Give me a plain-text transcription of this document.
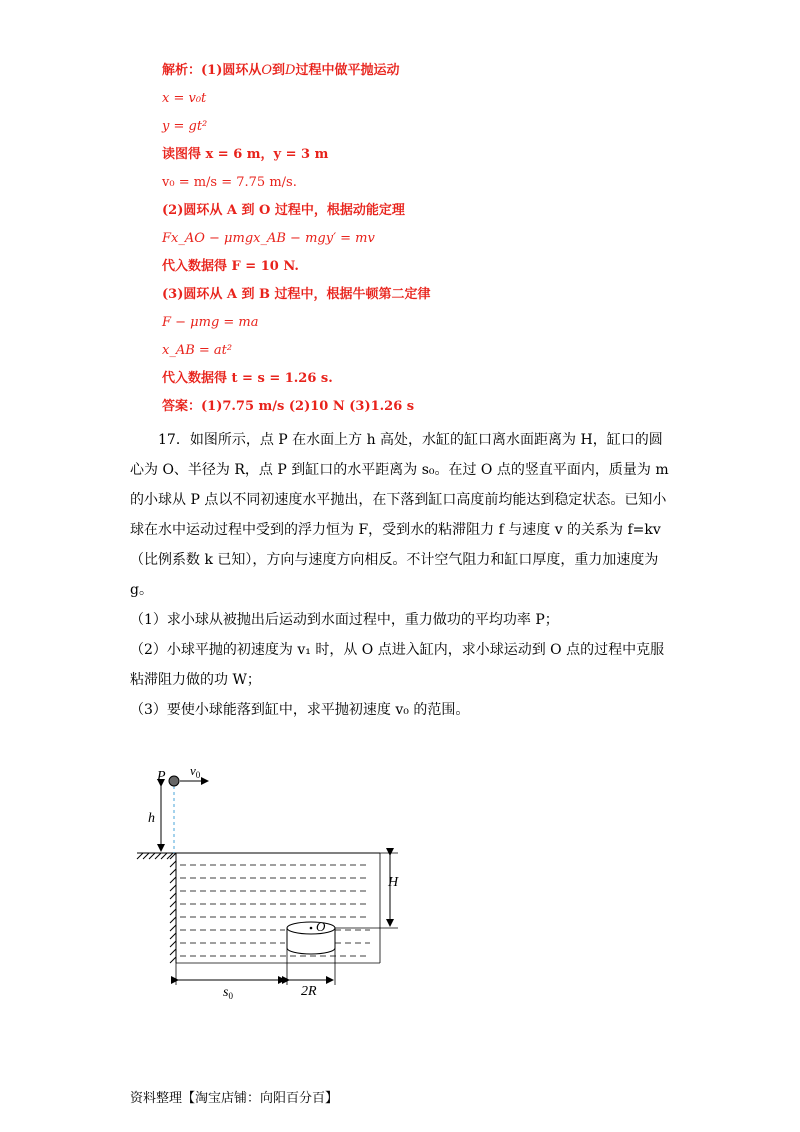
解析：(1)圆环从O到D过程中做平抛运动
x = v₀t
y = gt²
读图得 x = 6 m，y = 3 m
v₀ = m/s = 7.75 m/s.
(2)圆环从 A 到 O 过程中，根据动能定理
Fx_AO − μmgx_AB − mgy′ = mv
代入数据得 F = 10 N.
(3)圆环从 A 到 B 过程中，根据牛顿第二定律
F − μmg = ma
x_AB = at²
代入数据得 t = s = 1.26 s.
答案：(1)7.75 m/s (2)10 N (3)1.26 s

17．如图所示，点 P 在水面上方 h 高处，水缸的缸口离水面距离为 H，缸口的圆心为 O、半径为 R，点 P 到缸口的水平距离为 s₀。在过 O 点的竖直平面内，质量为 m 的小球从 P 点以不同初速度水平抛出，在下落到缸口高度前均能达到稳定状态。已知小球在水中运动过程中受到的浮力恒为 F，受到水的粘滞阻力 f 与速度 v 的关系为 f=kv（比例系数 k 已知），方向与速度方向相反。不计空气阻力和缸口厚度，重力加速度为 g。

（1）求小球从被抛出后运动到水面过程中，重力做功的平均功率 P；

（2）小球平抛的初速度为 v₁ 时，从 O 点进入缸内，求小球运动到 O 点的过程中克服粘滞阻力做的功 W；

（3）要使小球能落到缸中，求平抛初速度 v₀ 的范围。

O
P $v_0$
h
H
$s_0$	2R
资料整理【淘宝店铺：向阳百分百】
